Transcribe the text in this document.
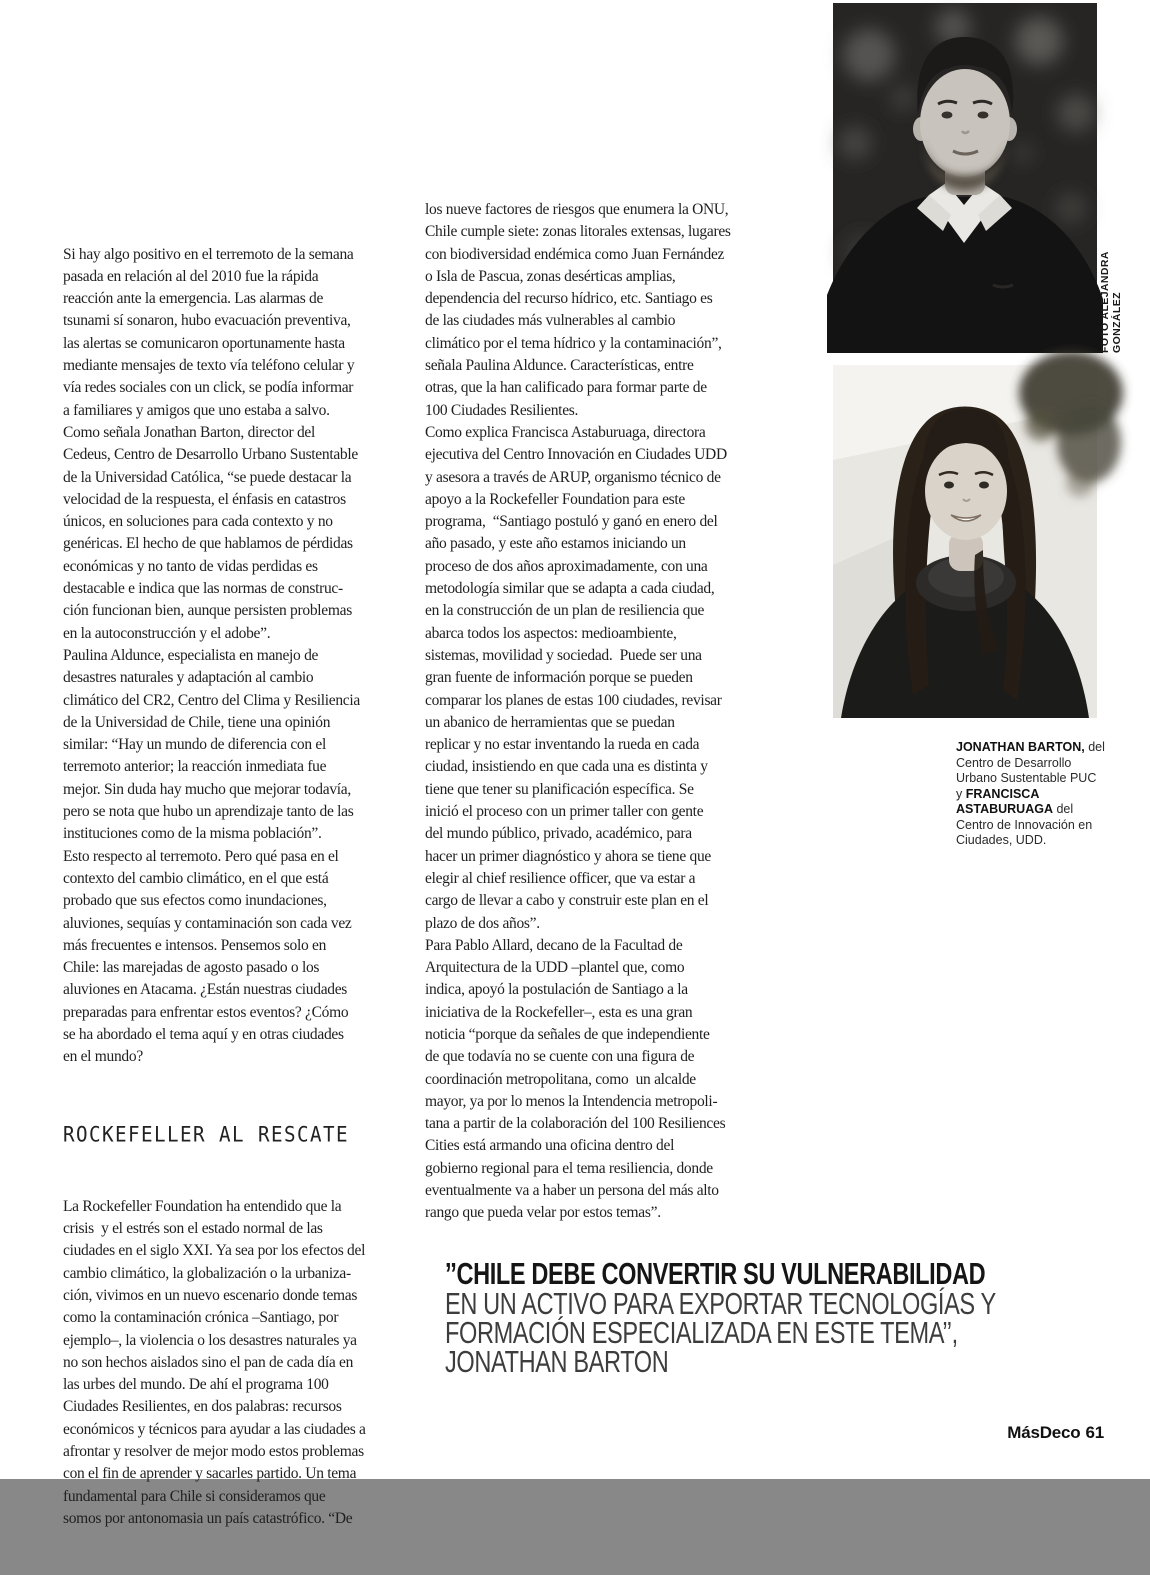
Si hay algo positivo en el terremoto de la semana
pasada en relación al del 2010 fue la rápida
reacción ante la emergencia. Las alarmas de
tsunami sí sonaron, hubo evacuación preventiva,
las alertas se comunicaron oportunamente hasta
mediante mensajes de texto vía teléfono celular y
vía redes sociales con un click, se podía informar
a familiares y amigos que uno estaba a salvo.
Como señala Jonathan Barton, director del
Cedeus, Centro de Desarrollo Urbano Sustentable
de la Universidad Católica, “se puede destacar la
velocidad de la respuesta, el énfasis en catastros
únicos, en soluciones para cada contexto y no
genéricas. El hecho de que hablamos de pérdidas
económicas y no tanto de vidas perdidas es
destacable e indica que las normas de construc-
ción funcionan bien, aunque persisten problemas
en la autoconstrucción y el adobe”.
Paulina Aldunce, especialista en manejo de
desastres naturales y adaptación al cambio
climático del CR2, Centro del Clima y Resiliencia
de la Universidad de Chile, tiene una opinión
similar: “Hay un mundo de diferencia con el
terremoto anterior; la reacción inmediata fue
mejor. Sin duda hay mucho que mejorar todavía,
pero se nota que hubo un aprendizaje tanto de las
instituciones como de la misma población”.
Esto respecto al terremoto. Pero qué pasa en el
contexto del cambio climático, en el que está
probado que sus efectos como inundaciones,
aluviones, sequías y contaminación son cada vez
más frecuentes e intensos. Pensemos solo en
Chile: las marejadas de agosto pasado o los
aluviones en Atacama. ¿Están nuestras ciudades
preparadas para enfrentar estos eventos? ¿Cómo
se ha abordado el tema aquí y en otras ciudades
en el mundo?

ROCKEFELLER AL RESCATE

La Rockefeller Foundation ha entendido que la
crisis  y el estrés son el estado normal de las
ciudades en el siglo XXI. Ya sea por los efectos del
cambio climático, la globalización o la urbaniza-
ción, vivimos en un nuevo escenario donde temas
como la contaminación crónica –Santiago, por
ejemplo–, la violencia o los desastres naturales ya
no son hechos aislados sino el pan de cada día en
las urbes del mundo. De ahí el programa 100
Ciudades Resilientes, en dos palabras: recursos
económicos y técnicos para ayudar a las ciudades a
afrontar y resolver de mejor modo estos problemas
con el fin de aprender y sacarles partido. Un tema
fundamental para Chile si consideramos que
somos por antonomasia un país catastrófico. “De

los nueve factores de riesgos que enumera la ONU,
Chile cumple siete: zonas litorales extensas, lugares
con biodiversidad endémica como Juan Fernández
o Isla de Pascua, zonas desérticas amplias,
dependencia del recurso hídrico, etc. Santiago es
de las ciudades más vulnerables al cambio
climático por el tema hídrico y la contaminación”,
señala Paulina Aldunce. Características, entre
otras, que la han calificado para formar parte de
100 Ciudades Resilientes.
Como explica Francisca Astaburuaga, directora
ejecutiva del Centro Innovación en Ciudades UDD
y asesora a través de ARUP, organismo técnico de
apoyo a la Rockefeller Foundation para este
programa,  “Santiago postuló y ganó en enero del
año pasado, y este año estamos iniciando un
proceso de dos años aproximadamente, con una
metodología similar que se adapta a cada ciudad,
en la construcción de un plan de resiliencia que
abarca todos los aspectos: medioambiente,
sistemas, movilidad y sociedad.  Puede ser una
gran fuente de información porque se pueden
comparar los planes de estas 100 ciudades, revisar
un abanico de herramientas que se puedan
replicar y no estar inventando la rueda en cada
ciudad, insistiendo en que cada una es distinta y
tiene que tener su planificación específica. Se
inició el proceso con un primer taller con gente
del mundo público, privado, académico, para
hacer un primer diagnóstico y ahora se tiene que
elegir al chief resilience officer, que va estar a
cargo de llevar a cabo y construir este plan en el
plazo de dos años”.
Para Pablo Allard, decano de la Facultad de
Arquitectura de la UDD –plantel que, como
indica, apoyó la postulación de Santiago a la
iniciativa de la Rockefeller–, esta es una gran
noticia “porque da señales de que independiente
de que todavía no se cuente con una figura de
coordinación metropolitana, como  un alcalde
mayor, ya por lo menos la Intendencia metropoli-
tana a partir de la colaboración del 100 Resiliences
Cities está armando una oficina dentro del
gobierno regional para el tema resiliencia, donde
eventualmente va a haber un persona del más alto
rango que pueda velar por estos temas”.
FOTO ALEJANDRA GONZÁLEZ
JONATHAN BARTON, del Centro de Desarrollo Urbano Sustentable PUC y FRANCISCA ASTABURUAGA del Centro de Innovación en Ciudades, UDD.
’’CHILE DEBE CONVERTIR SU VULNERABILIDAD
EN UN ACTIVO PARA EXPORTAR TECNOLOGÍAS Y
FORMACIÓN ESPECIALIZADA EN ESTE TEMA’’,
JONATHAN BARTON
MásDeco 61
